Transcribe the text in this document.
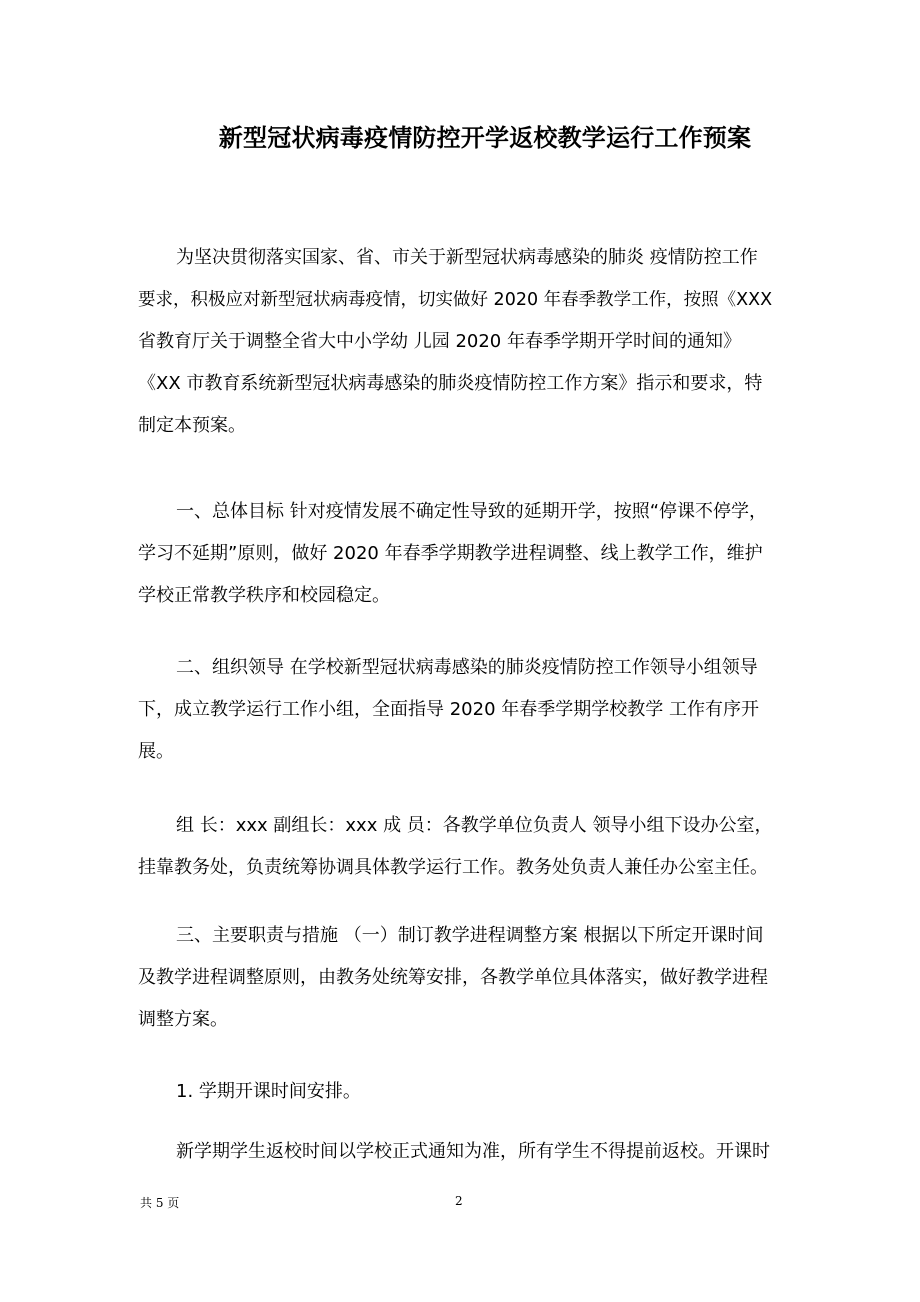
新型冠状病毒疫情防控开学返校教学运行工作预案
为坚决贯彻落实国家、省、市关于新型冠状病毒感染的肺炎 疫情防控工作
要求，积极应对新型冠状病毒疫情，切实做好 2020 年春季教学工作，按照《XXX
省教育厅关于调整全省大中小学幼 儿园 2020 年春季学期开学时间的通知》
《XX 市教育系统新型冠状病毒感染的肺炎疫情防控工作方案》指示和要求，特
制定本预案。
一、总体目标 针对疫情发展不确定性导致的延期开学，按照“停课不停学，
学习不延期”原则，做好 2020 年春季学期教学进程调整、线上教学工作，维护
学校正常教学秩序和校园稳定。
二、组织领导 在学校新型冠状病毒感染的肺炎疫情防控工作领导小组领导
下，成立教学运行工作小组，全面指导 2020 年春季学期学校教学 工作有序开
展。
组 长：xxx 副组长：xxx 成 员：各教学单位负责人 领导小组下设办公室，
挂靠教务处，负责统筹协调具体教学运行工作。教务处负责人兼任办公室主任。
三、主要职责与措施 （一）制订教学进程调整方案 根据以下所定开课时间
及教学进程调整原则，由教务处统筹安排，各教学单位具体落实，做好教学进程
调整方案。
1. 学期开课时间安排。
新学期学生返校时间以学校正式通知为准，所有学生不得提前返校。开课时
共 5 页	2
